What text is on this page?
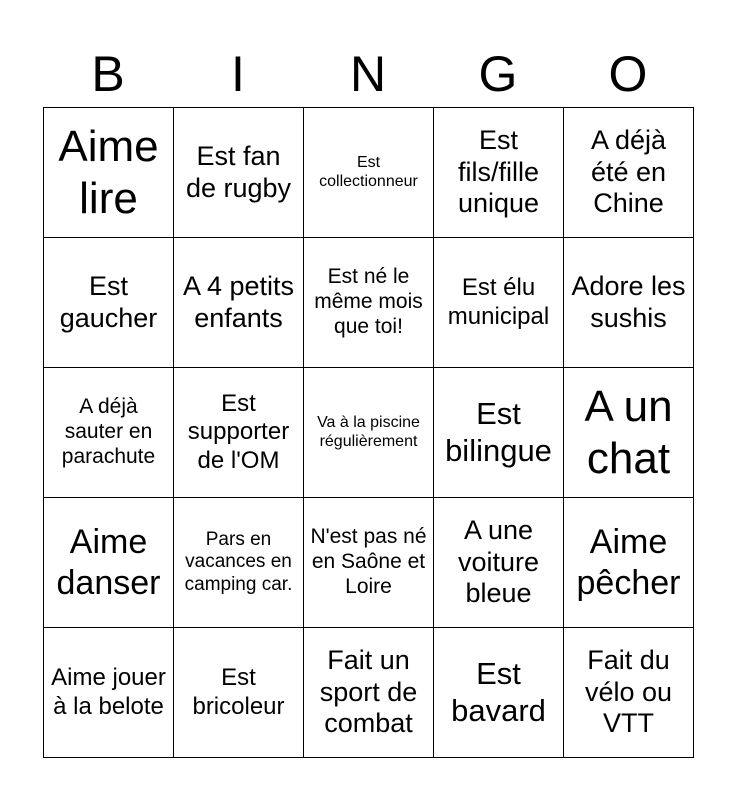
B	I	N	G	O
Aime lire	Est fan de rugby	Est collectionneur	Est fils/fille unique	A déjà été en Chine
Est gaucher	A 4 petits enfants	Est né le même mois que toi!	Est élu municipal	Adore les sushis
A déjà sauter en parachute	Est supporter de l'OM	Va à la piscine régulièrement	Est bilingue	A un chat
Aime danser	Pars en vacances en camping car.	N'est pas né en Saône et Loire	A une voiture bleue	Aime pêcher
Aime jouer à la belote	Est bricoleur	Fait un sport de combat	Est bavard	Fait du vélo ou VTT
